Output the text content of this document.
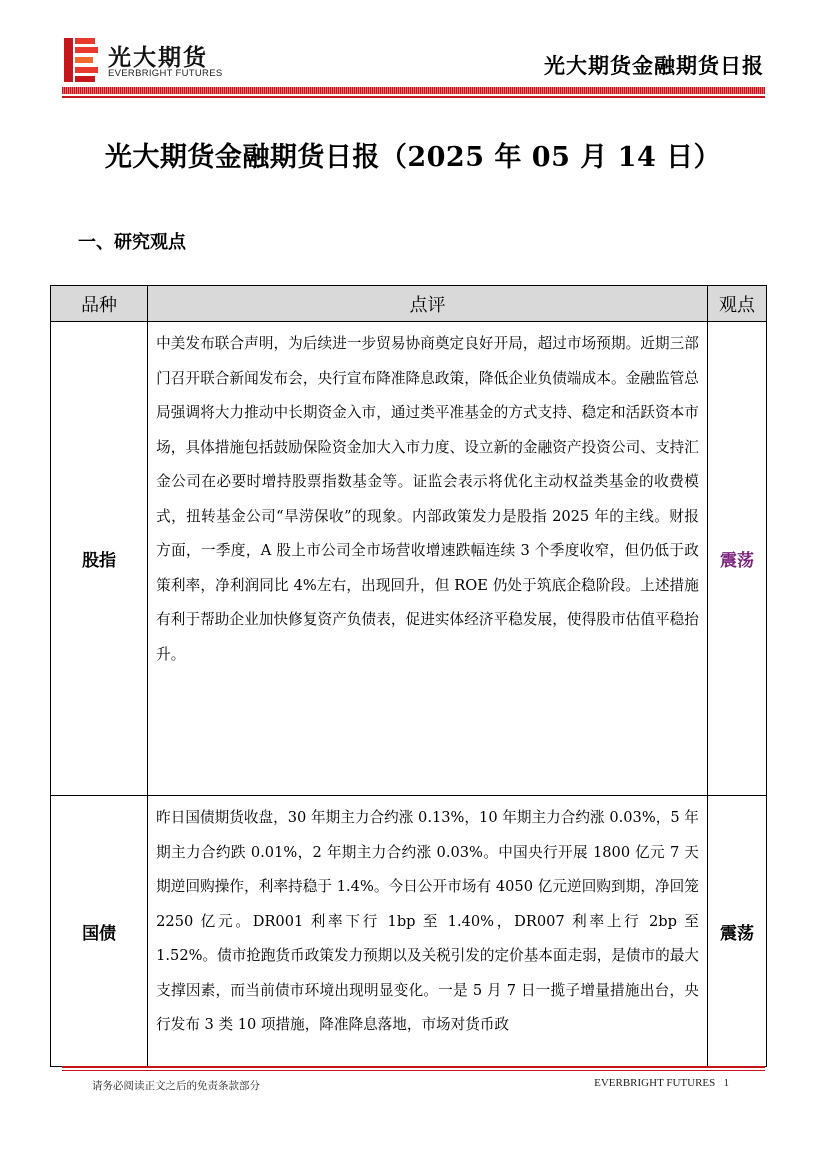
光大期货
EVERBRIGHT FUTURES	光大期货金融期货日报
光大期货金融期货日报（2025 年 05 月 14 日）
一、研究观点
品种	点评	观点
股指	中美发布联合声明，为后续进一步贸易协商奠定良好开局，超过市场预期。近期三部门召开联合新闻发布会，央行宣布降准降息政策，降低企业负债端成本。金融监管总局强调将大力推动中长期资金入市，通过类平准基金的方式支持、稳定和活跃资本市场，具体措施包括鼓励保险资金加大入市力度、设立新的金融资产投资公司、支持汇金公司在必要时增持股票指数基金等。证监会表示将优化主动权益类基金的收费模式，扭转基金公司“旱涝保收”的现象。内部政策发力是股指 2025 年的主线。财报方面，一季度，A 股上市公司全市场营收增速跌幅连续 3 个季度收窄，但仍低于政策利率，净利润同比 4%左右，出现回升，但 ROE 仍处于筑底企稳阶段。上述措施有利于帮助企业加快修复资产负债表，促进实体经济平稳发展，使得股市估值平稳抬升。	震荡
国债	昨日国债期货收盘，30 年期主力合约涨 0.13%，10 年期主力合约涨 0.03%，5 年期主力合约跌 0.01%，2 年期主力合约涨 0.03%。中国央行开展 1800 亿元 7 天期逆回购操作，利率持稳于 1.4%。今日公开市场有 4050 亿元逆回购到期，净回笼 2250 亿元。DR001 利率下行 1bp 至 1.40%，DR007 利率上行 2bp 至 1.52%。债市抢跑货币政策发力预期以及关税引发的定价基本面走弱，是债市的最大支撑因素，而当前债市环境出现明显变化。一是 5 月 7 日一揽子增量措施出台，央行发布 3 类 10 项措施，降准降息落地，市场对货币政	震荡
请务必阅读正文之后的免责条款部分	EVERBRIGHT FUTURES 1
